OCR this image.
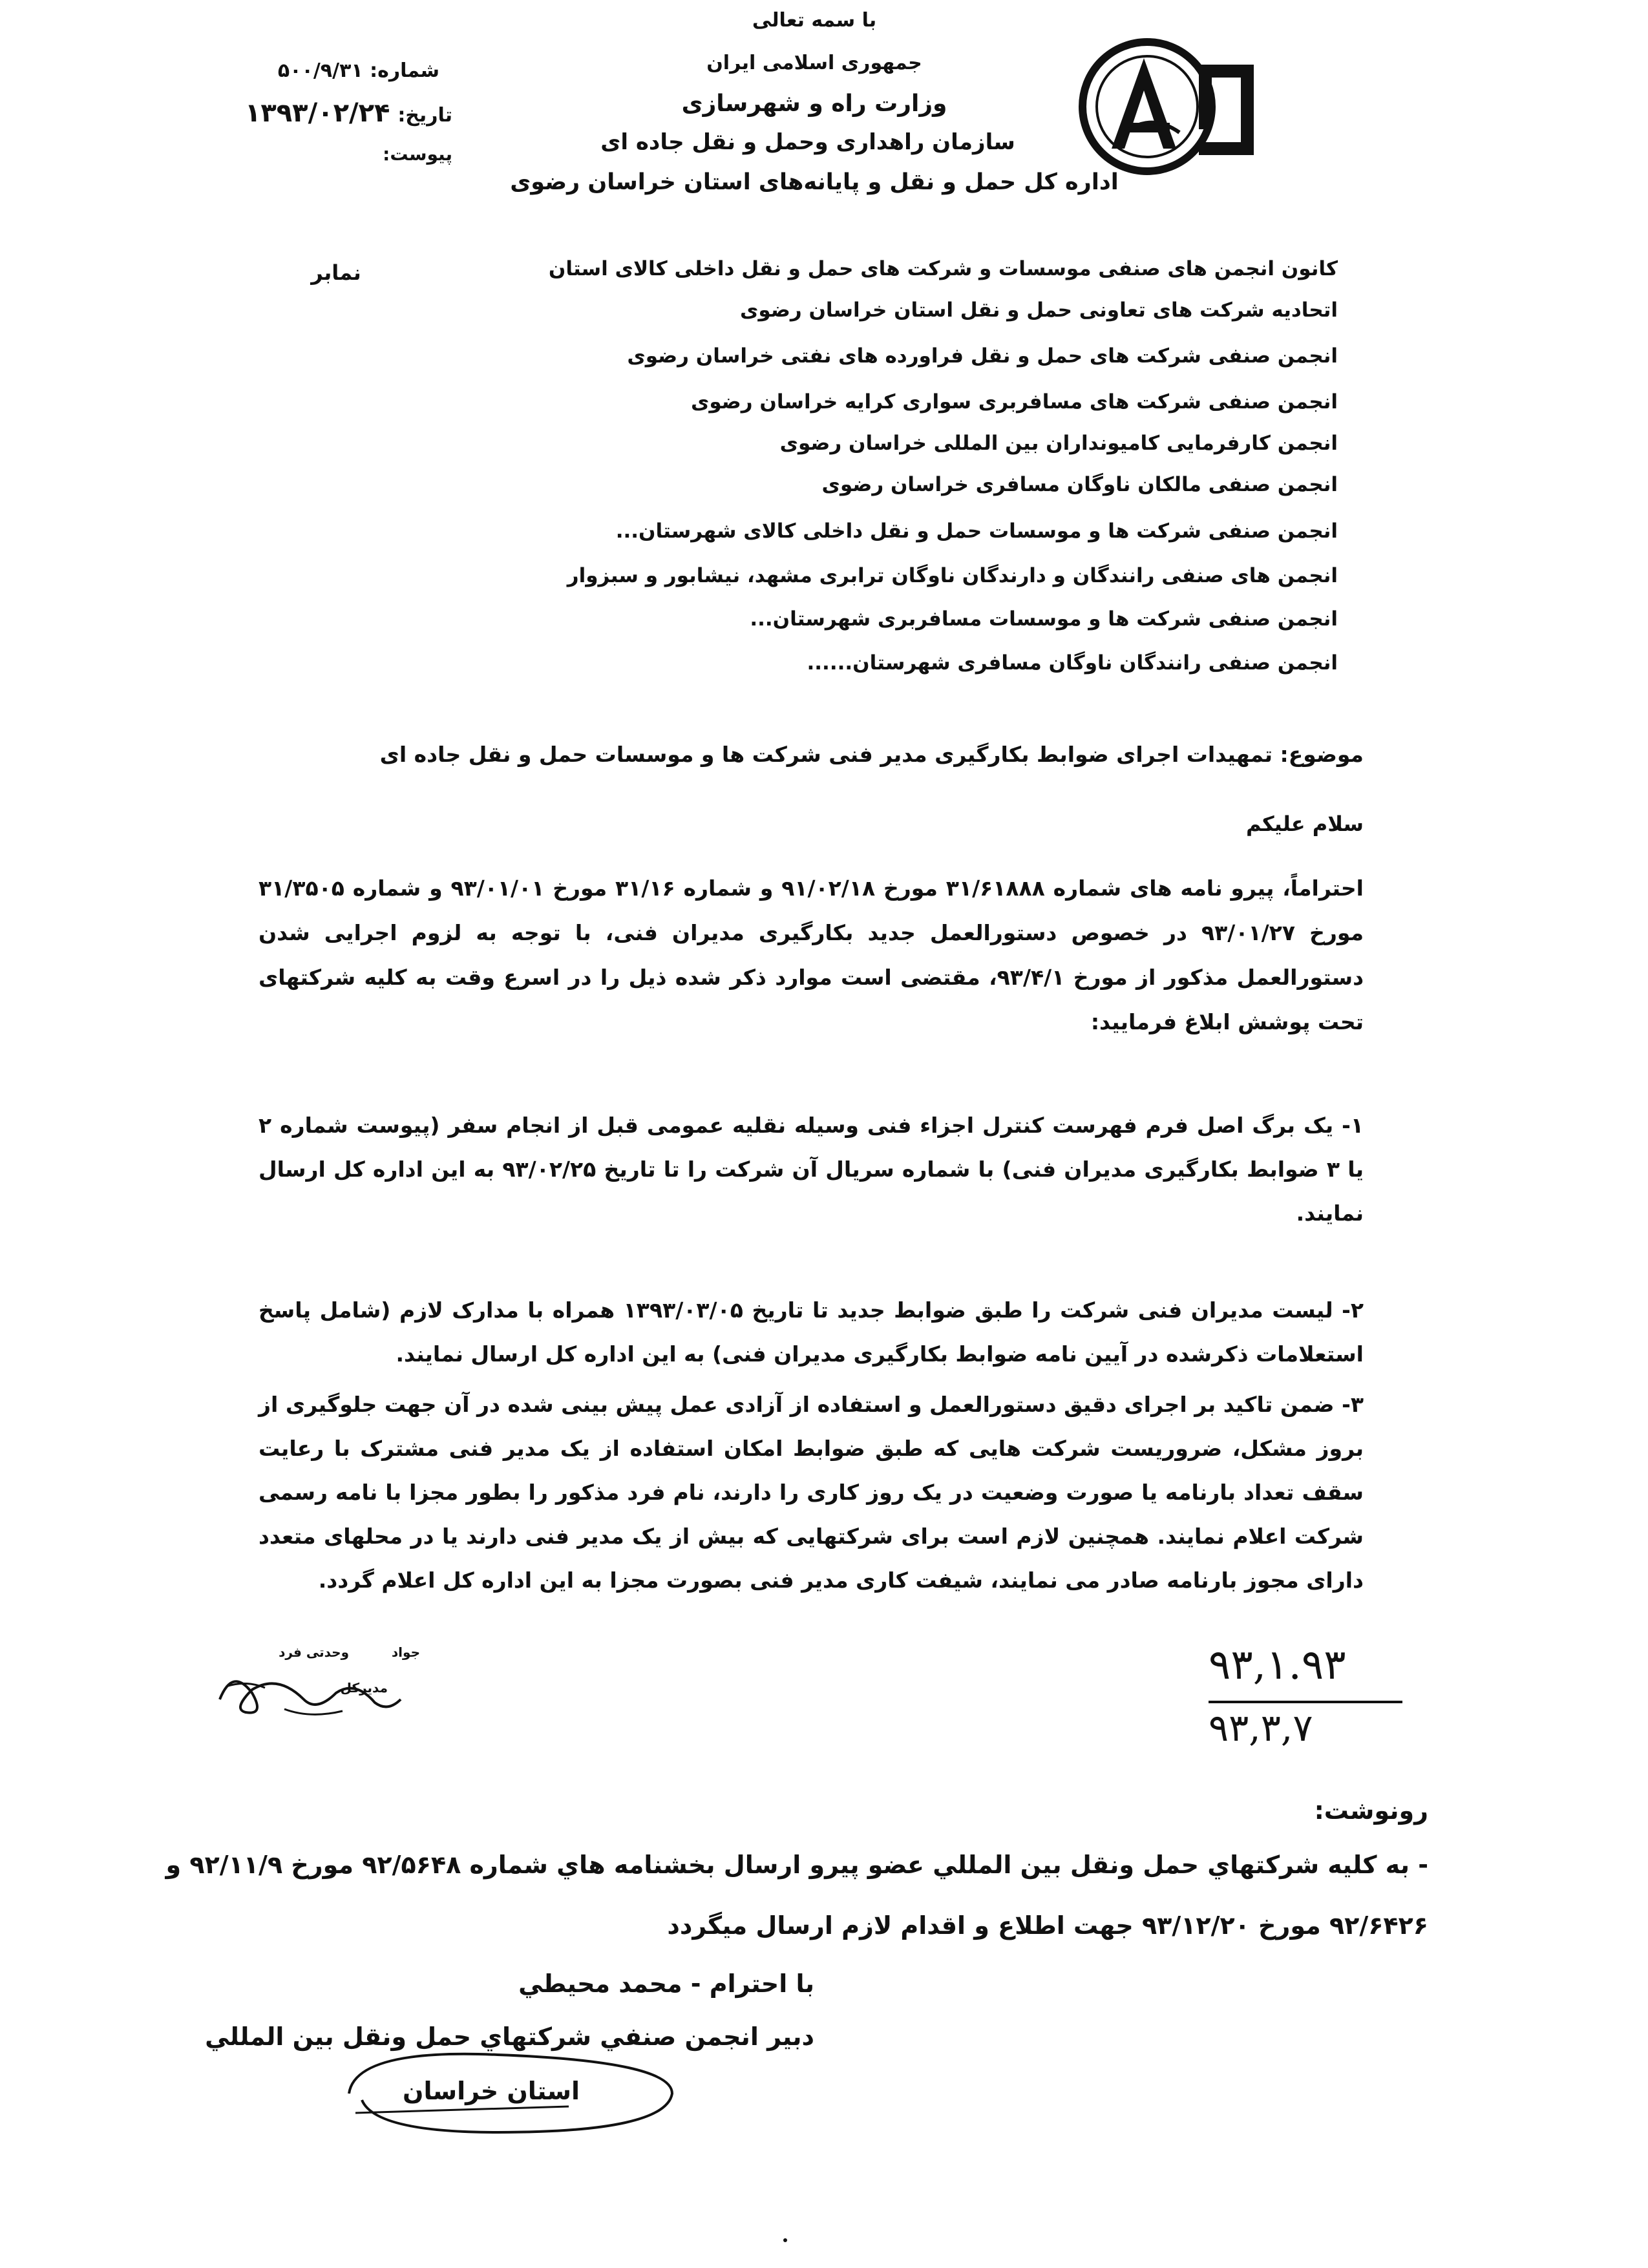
با سمه تعالی
جمهوری اسلامی ایران
وزارت راه و شهرسازی
سازمان راهداری وحمل و نقل جاده ای
اداره کل حمل و نقل و پایانه‌های استان خراسان رضوی
شماره: ۵۰۰/۹/۳۱
تاریخ: ۱۳۹۳/۰۲/۲۴
پیوست:
نمابر	کانون انجمن های صنفی موسسات و شرکت های حمل و نقل داخلی کالای استان
اتحادیه شرکت های تعاونی حمل و نقل استان خراسان رضوی
انجمن صنفی شرکت های حمل و نقل فراورده های نفتی خراسان رضوی
انجمن صنفی شرکت های مسافربری سواری کرایه خراسان رضوی
انجمن کارفرمایی کامیونداران بین المللی خراسان رضوی
انجمن صنفی مالکان ناوگان مسافری خراسان رضوی
انجمن صنفی شرکت ها و موسسات حمل و نقل داخلی کالای شهرستان...
انجمن های صنفی رانندگان و دارندگان ناوگان ترابری مشهد، نیشابور و سبزوار
انجمن صنفی شرکت ها و موسسات مسافربری شهرستان...
انجمن صنفی رانندگان ناوگان مسافری شهرستان......
موضوع: تمهیدات اجرای ضوابط بکارگیری مدیر فنی شرکت ها و موسسات حمل و نقل جاده ای
سلام علیکم
احتراماً، پیرو نامه های شماره ۳۱/۶۱۸۸۸ مورخ ۹۱/۰۲/۱۸ و شماره ۳۱/۱۶ مورخ ۹۳/۰۱/۰۱ و شماره ۳۱/۳۵۰۵ مورخ ۹۳/۰۱/۲۷ در خصوص دستورالعمل جدید بکارگیری مدیران فنی، با توجه به لزوم اجرایی شدن دستورالعمل مذکور از مورخ ۹۳/۴/۱، مقتضی است موارد ذکر شده ذیل را در اسرع وقت به کلیه شرکتهای تحت پوشش ابلاغ فرمایید:
۱- یک برگ اصل فرم فهرست کنترل اجزاء فنی وسیله نقلیه عمومی قبل از انجام سفر (پیوست شماره ۲ یا ۳ ضوابط بکارگیری مدیران فنی) با شماره سریال آن شرکت را تا تاریخ ۹۳/۰۲/۲۵ به این اداره کل ارسال نمایند.
۲- لیست مدیران فنی شرکت را طبق ضوابط جدید تا تاریخ ۱۳۹۳/۰۳/۰۵ همراه با مدارک لازم (شامل پاسخ استعلامات ذکرشده در آیین نامه ضوابط بکارگیری مدیران فنی) به این اداره کل ارسال نمایند.
۳- ضمن تاکید بر اجرای دقیق دستورالعمل و استفاده از آزادی عمل پیش بینی شده در آن جهت جلوگیری از بروز مشکل، ضروریست شرکت هایی که طبق ضوابط امکان استفاده از یک مدیر فنی مشترک با رعایت سقف تعداد بارنامه یا صورت وضعیت در یک روز کاری را دارند، نام فرد مذکور را بطور مجزا با نامه رسمی شرکت اعلام نمایند. همچنین لازم است برای شرکتهایی که بیش از یک مدیر فنی دارند یا در محلهای متعدد دارای مجوز بارنامه صادر می نمایند، شیفت کاری مدیر فنی بصورت مجزا به این اداره کل اعلام گردد.
جواد
وحدتی فرد
مدیرکل	۹۳,۱.۹۳
۹۳,۳,۷
رونوشت:
- به كليه شركتهاي حمل ونقل بين المللي عضو پيرو ارسال بخشنامه هاي شماره ۹۲/۵۶۴۸ مورخ ۹۲/۱۱/۹ و
۹۲/۶۴۲۶ مورخ ۹۳/۱۲/۲۰ جهت اطلاع و اقدام لازم ارسال ميگردد
با احترام - محمد محيطي
دبير انجمن صنفي شركتهاي حمل ونقل بين المللي
استان خراسان
